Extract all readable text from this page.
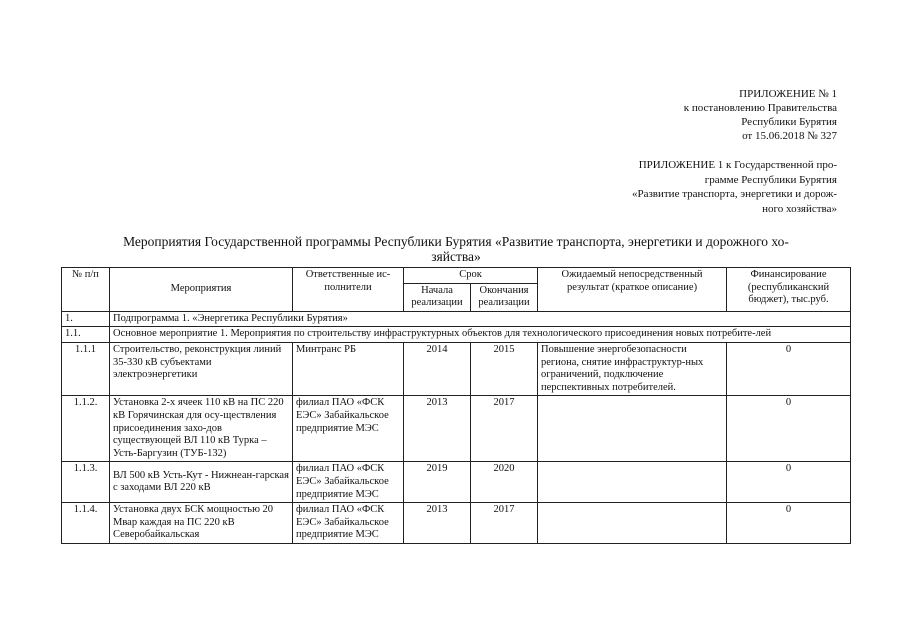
ПРИЛОЖЕНИЕ № 1
к постановлению Правительства
Республики Бурятия
от 15.06.2018 № 327
ПРИЛОЖЕНИЕ 1 к Государственной про-
грамме Республики Бурятия
«Развитие транспорта, энергетики и дорож-
ного хозяйства»
Мероприятия Государственной программы Республики Бурятия «Развитие транспорта, энергетики и дорожного хо-
зяйства»
№ п/п	Мероприятия	Ответственные ис-полнители	Срок		Ожидаемый непосредственный результат (краткое описание)	Финансирование (республиканский бюджет), тыс.руб.
			Начала реализации	Окончания реализации		
1.	Подпрограмма 1. «Энергетика Республики Бурятия»					
1.1.	Основное мероприятие 1. Мероприятия по строительству инфраструктурных объектов для технологического присоединения новых потребите-лей					
1.1.1	Строительство, реконструкция линий 35-330 кВ субъектами электроэнергетики	Минтранс РБ	2014	2015	Повышение энергобезопасности региона, снятие инфраструктур-ных ограничений, подключение перспективных потребителей.	0
1.1.2.	Установка 2-х ячеек 110 кВ на ПС 220 кВ Горячинская для осу-ществления присоединения захо-дов существующей ВЛ 110 кВ Турка – Усть-Баргузин (ТУБ-132)	филиал ПАО «ФСК ЕЭС» Забайкальское предприятие МЭС	2013	2017		0
1.1.3.	ВЛ 500 кВ Усть-Кут - Нижнеан-гарская с заходами ВЛ 220 кВ	филиал ПАО «ФСК ЕЭС» Забайкальское предприятие МЭС	2019	2020		0
1.1.4.	Установка двух БСК мощностью 20 Мвар каждая на ПС 220 кВ Северобайкальская	филиал ПАО «ФСК ЕЭС» Забайкальское предприятие МЭС	2013	2017		0
